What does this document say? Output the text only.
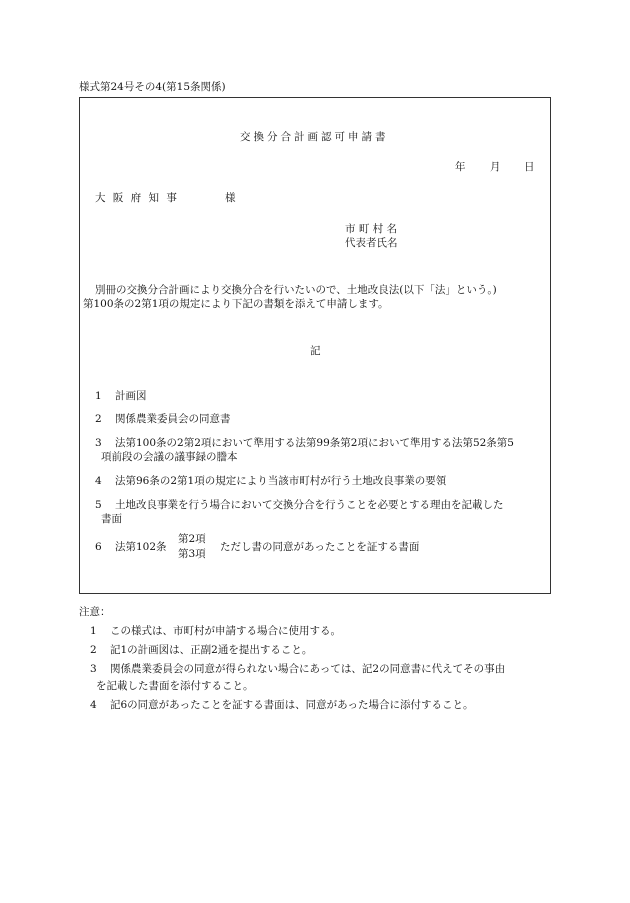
様式第24号その4(第15条関係)
交換分合計画認可申請書
年 月 日
大 阪 府 知 事	様
市 町 村 名
代表者氏名
別冊の交換分合計画により交換分合を行いたいので、土地改良法(以下「法」という。)
第100条の2第1項の規定により下記の書類を添えて申請します。
記
1 計画図
2 関係農業委員会の同意書
3 法第100条の2第2項において準用する法第99条第2項において準用する法第52条第5
項前段の会議の議事録の謄本
4 法第96条の2第1項の規定により当該市町村が行う土地改良事業の要領
5 土地改良事業を行う場合において交換分合を行うことを必要とする理由を記載した
書面
6 法第102条
第2項
第3項
ただし書の同意があったことを証する書面
注意：
1 この様式は、市町村が申請する場合に使用する。
2 記1の計画図は、正副2通を提出すること。
3 関係農業委員会の同意が得られない場合にあっては、記2の同意書に代えてその事由
を記載した書面を添付すること。
4 記6の同意があったことを証する書面は、同意があった場合に添付すること。
